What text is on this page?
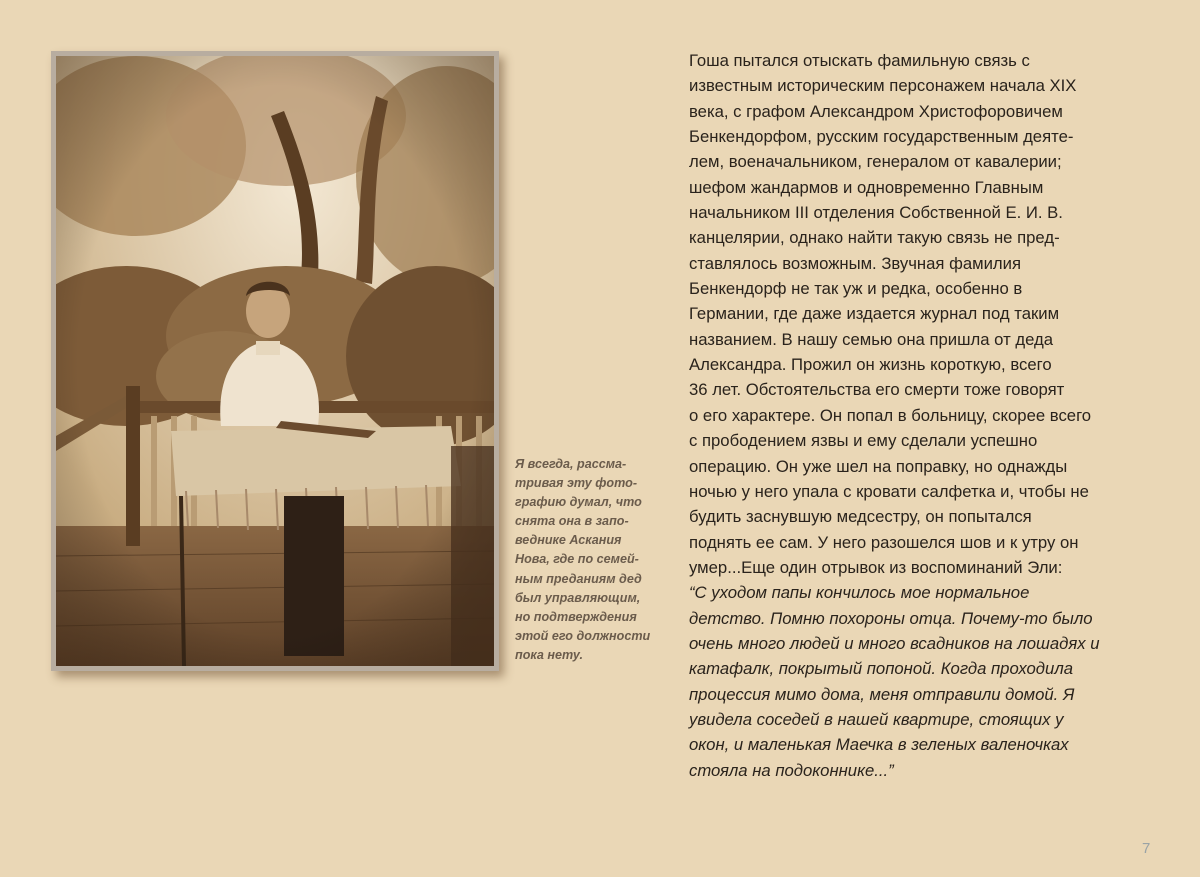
Я всегда, рассма-
тривая эту фото-
графию думал, что
снята она в запо-
веднике Аскания
Нова, где по семей-
ным преданиям дед
был управляющим,
но подтверждения
этой его должности
пока нету.

Гоша пытался отыскать фамильную связь с
известным историческим персонажем начала XIX
века, с графом Александром Христофоровичем
Бенкендорфом, русским государственным деяте-
лем, военачальником, генералом от кавалерии;
шефом жандармов и одновременно Главным
начальником III отделения Собственной Е. И. В.
канцелярии, однако найти такую связь не пред-
ставлялось возможным. Звучная фамилия
Бенкендорф не так уж и редка, особенно в
Германии, где даже издается журнал под таким
названием. В нашу семью она пришла от деда
Александра. Прожил он жизнь короткую, всего
36 лет. Обстоятельства его смерти тоже говорят
о его характере. Он попал в больницу, скорее всего
с прободением язвы и ему сделали успешно
операцию. Он уже шел на поправку, но однажды
ночью у него упала с кровати салфетка и, чтобы не
будить заснувшую медсестру, он попытался
поднять ее сам. У него разошелся шов и к утру он
умер...Еще один отрывок из воспоминаний Эли:
“С уходом папы кончилось мое нормальное
детство. Помню похороны отца. Почему-то было
очень много людей и много всадников на лошадях и
катафалк, покрытый попоной. Когда проходила
процессия мимо дома, меня отправили домой. Я
увидела соседей в нашей квартире, стоящих у
окон, и маленькая Маечка в зеленых валеночках
стояла на подоконнике...”
7
